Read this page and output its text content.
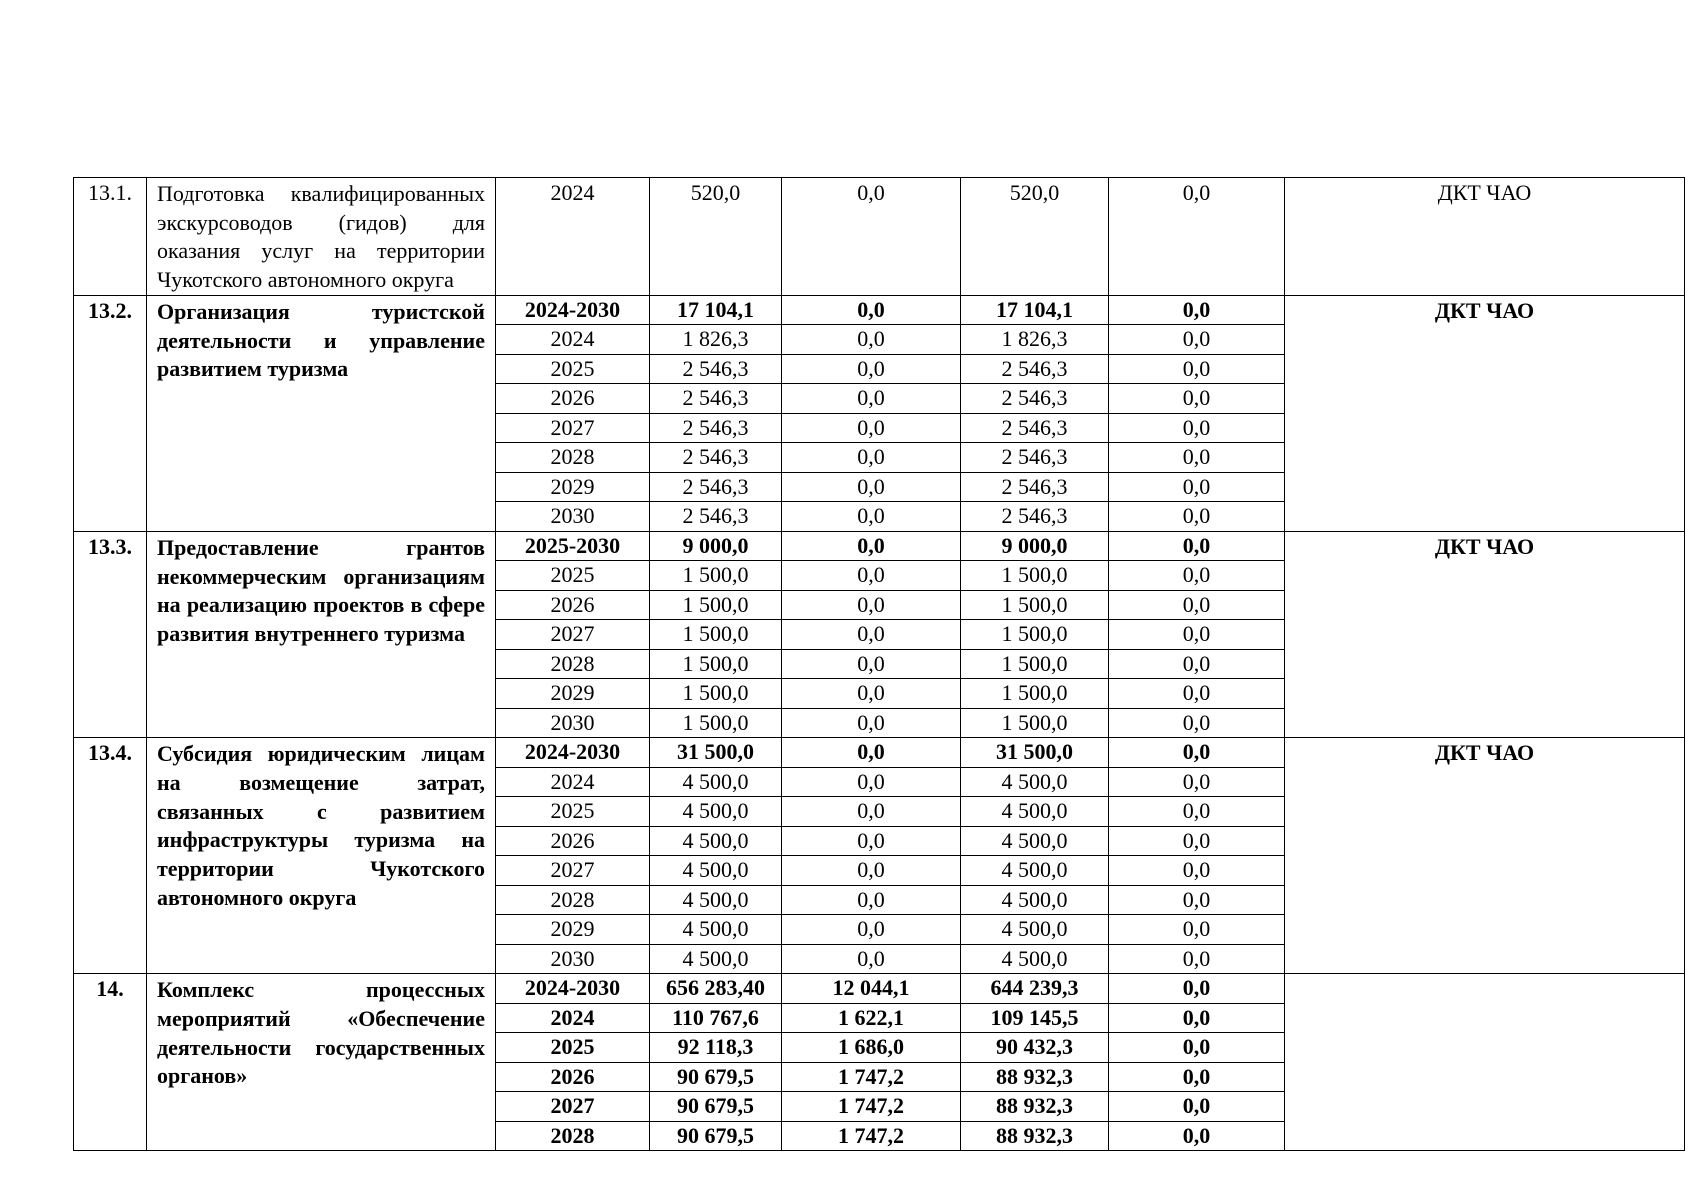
13.1.	Подготовка квалифицированных экскурсоводов (гидов) для оказания услуг на территории Чукотского автономного округа	2024	520,0	0,0	520,0	0,0	ДКТ ЧАО
13.2.	Организация туристской деятельности и управление развитием туризма	2024-2030	17 104,1	0,0	17 104,1	0,0	ДКТ ЧАО
		2024	1 826,3	0,0	1 826,3	0,0	
		2025	2 546,3	0,0	2 546,3	0,0	
		2026	2 546,3	0,0	2 546,3	0,0	
		2027	2 546,3	0,0	2 546,3	0,0	
		2028	2 546,3	0,0	2 546,3	0,0	
		2029	2 546,3	0,0	2 546,3	0,0	
		2030	2 546,3	0,0	2 546,3	0,0	
13.3.	Предоставление грантов некоммерческим организациям на реализацию проектов в сфере развития внутреннего туризма	2025-2030	9 000,0	0,0	9 000,0	0,0	ДКТ ЧАО
		2025	1 500,0	0,0	1 500,0	0,0	
		2026	1 500,0	0,0	1 500,0	0,0	
		2027	1 500,0	0,0	1 500,0	0,0	
		2028	1 500,0	0,0	1 500,0	0,0	
		2029	1 500,0	0,0	1 500,0	0,0	
		2030	1 500,0	0,0	1 500,0	0,0	
13.4.	Субсидия юридическим лицам на возмещение затрат, связанных с развитием инфраструктуры туризма на территории Чукотского автономного округа	2024-2030	31 500,0	0,0	31 500,0	0,0	ДКТ ЧАО
		2024	4 500,0	0,0	4 500,0	0,0	
		2025	4 500,0	0,0	4 500,0	0,0	
		2026	4 500,0	0,0	4 500,0	0,0	
		2027	4 500,0	0,0	4 500,0	0,0	
		2028	4 500,0	0,0	4 500,0	0,0	
		2029	4 500,0	0,0	4 500,0	0,0	
		2030	4 500,0	0,0	4 500,0	0,0	
14.	Комплекс процессных мероприятий «Обеспечение деятельности государственных органов»	2024-2030	656 283,40	12 044,1	644 239,3	0,0	
		2024	110 767,6	1 622,1	109 145,5	0,0	
		2025	92 118,3	1 686,0	90 432,3	0,0	
		2026	90 679,5	1 747,2	88 932,3	0,0	
		2027	90 679,5	1 747,2	88 932,3	0,0	
		2028	90 679,5	1 747,2	88 932,3	0,0	
